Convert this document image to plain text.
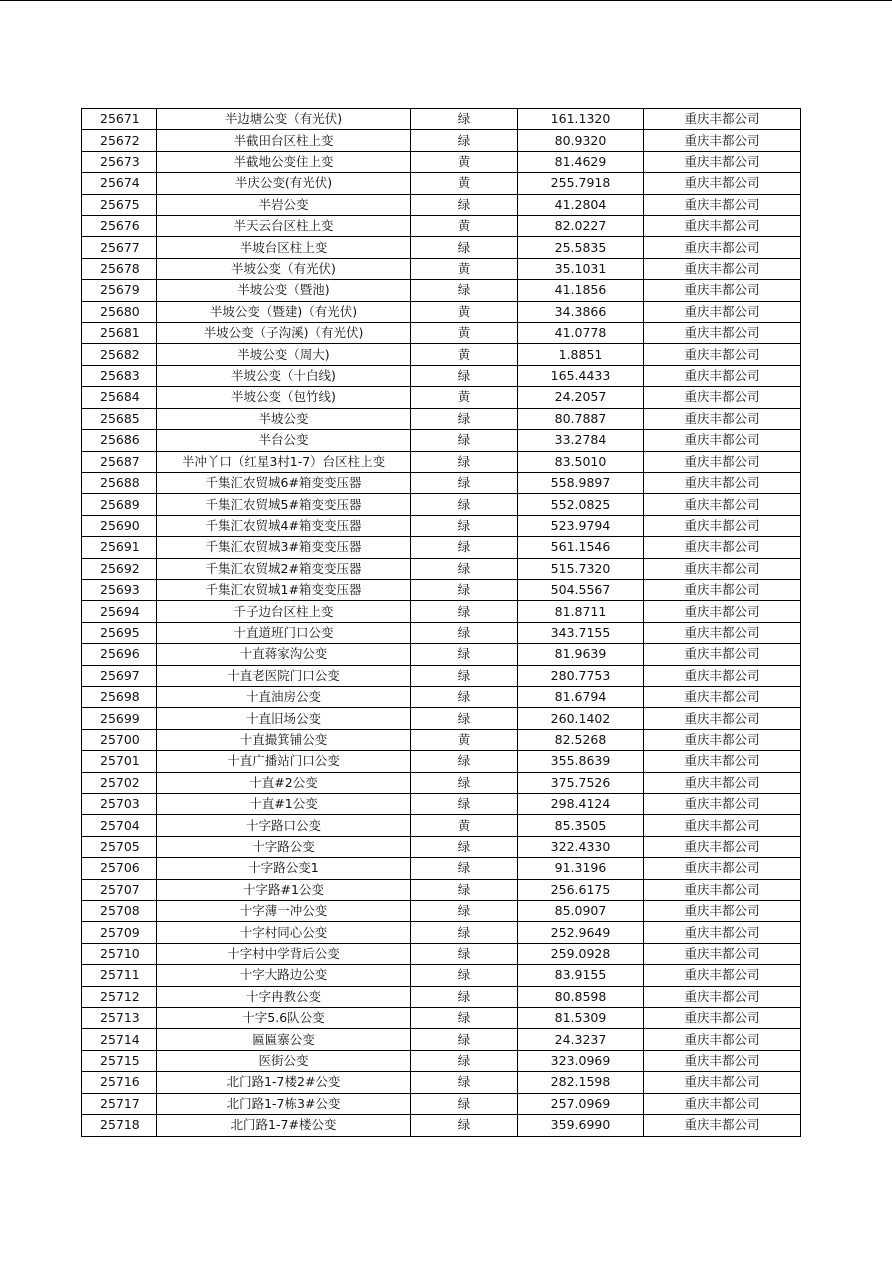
25671	半边塘公变（有光伏)	绿	161.1320	重庆丰都公司
25672	半截田台区柱上变	绿	80.9320	重庆丰都公司
25673	半截地公变住上变	黄	81.4629	重庆丰都公司
25674	半庆公变(有光伏)	黄	255.7918	重庆丰都公司
25675	半岩公变	绿	41.2804	重庆丰都公司
25676	半天云台区柱上变	黄	82.0227	重庆丰都公司
25677	半坡台区柱上变	绿	25.5835	重庆丰都公司
25678	半坡公变（有光伏)	黄	35.1031	重庆丰都公司
25679	半坡公变（暨池)	绿	41.1856	重庆丰都公司
25680	半坡公变（暨建)（有光伏)	黄	34.3866	重庆丰都公司
25681	半坡公变（子沟溪)（有光伏)	黄	41.0778	重庆丰都公司
25682	半坡公变（周大)	黄	1.8851	重庆丰都公司
25683	半坡公变（十白线)	绿	165.4433	重庆丰都公司
25684	半坡公变（包竹线)	黄	24.2057	重庆丰都公司
25685	半坡公变	绿	80.7887	重庆丰都公司
25686	半台公变	绿	33.2784	重庆丰都公司
25687	半冲丫口（红星3村1-7）台区柱上变	绿	83.5010	重庆丰都公司
25688	千集汇农贸城6#箱变变压器	绿	558.9897	重庆丰都公司
25689	千集汇农贸城5#箱变变压器	绿	552.0825	重庆丰都公司
25690	千集汇农贸城4#箱变变压器	绿	523.9794	重庆丰都公司
25691	千集汇农贸城3#箱变变压器	绿	561.1546	重庆丰都公司
25692	千集汇农贸城2#箱变变压器	绿	515.7320	重庆丰都公司
25693	千集汇农贸城1#箱变变压器	绿	504.5567	重庆丰都公司
25694	千子边台区柱上变	绿	81.8711	重庆丰都公司
25695	十直道班门口公变	绿	343.7155	重庆丰都公司
25696	十直蒋家沟公变	绿	81.9639	重庆丰都公司
25697	十直老医院门口公变	绿	280.7753	重庆丰都公司
25698	十直油房公变	绿	81.6794	重庆丰都公司
25699	十直旧场公变	绿	260.1402	重庆丰都公司
25700	十直撮箕铺公变	黄	82.5268	重庆丰都公司
25701	十直广播站门口公变	绿	355.8639	重庆丰都公司
25702	十直#2公变	绿	375.7526	重庆丰都公司
25703	十直#1公变	绿	298.4124	重庆丰都公司
25704	十字路口公变	黄	85.3505	重庆丰都公司
25705	十字路公变	绿	322.4330	重庆丰都公司
25706	十字路公变1	绿	91.3196	重庆丰都公司
25707	十字路#1公变	绿	256.6175	重庆丰都公司
25708	十字薄一冲公变	绿	85.0907	重庆丰都公司
25709	十字村同心公变	绿	252.9649	重庆丰都公司
25710	十字村中学背后公变	绿	259.0928	重庆丰都公司
25711	十字大路边公变	绿	83.9155	重庆丰都公司
25712	十字冉教公变	绿	80.8598	重庆丰都公司
25713	十字5.6队公变	绿	81.5309	重庆丰都公司
25714	匾匾寨公变	绿	24.3237	重庆丰都公司
25715	医街公变	绿	323.0969	重庆丰都公司
25716	北门路1-7楼2#公变	绿	282.1598	重庆丰都公司
25717	北门路1-7栋3#公变	绿	257.0969	重庆丰都公司
25718	北门路1-7#楼公变	绿	359.6990	重庆丰都公司
